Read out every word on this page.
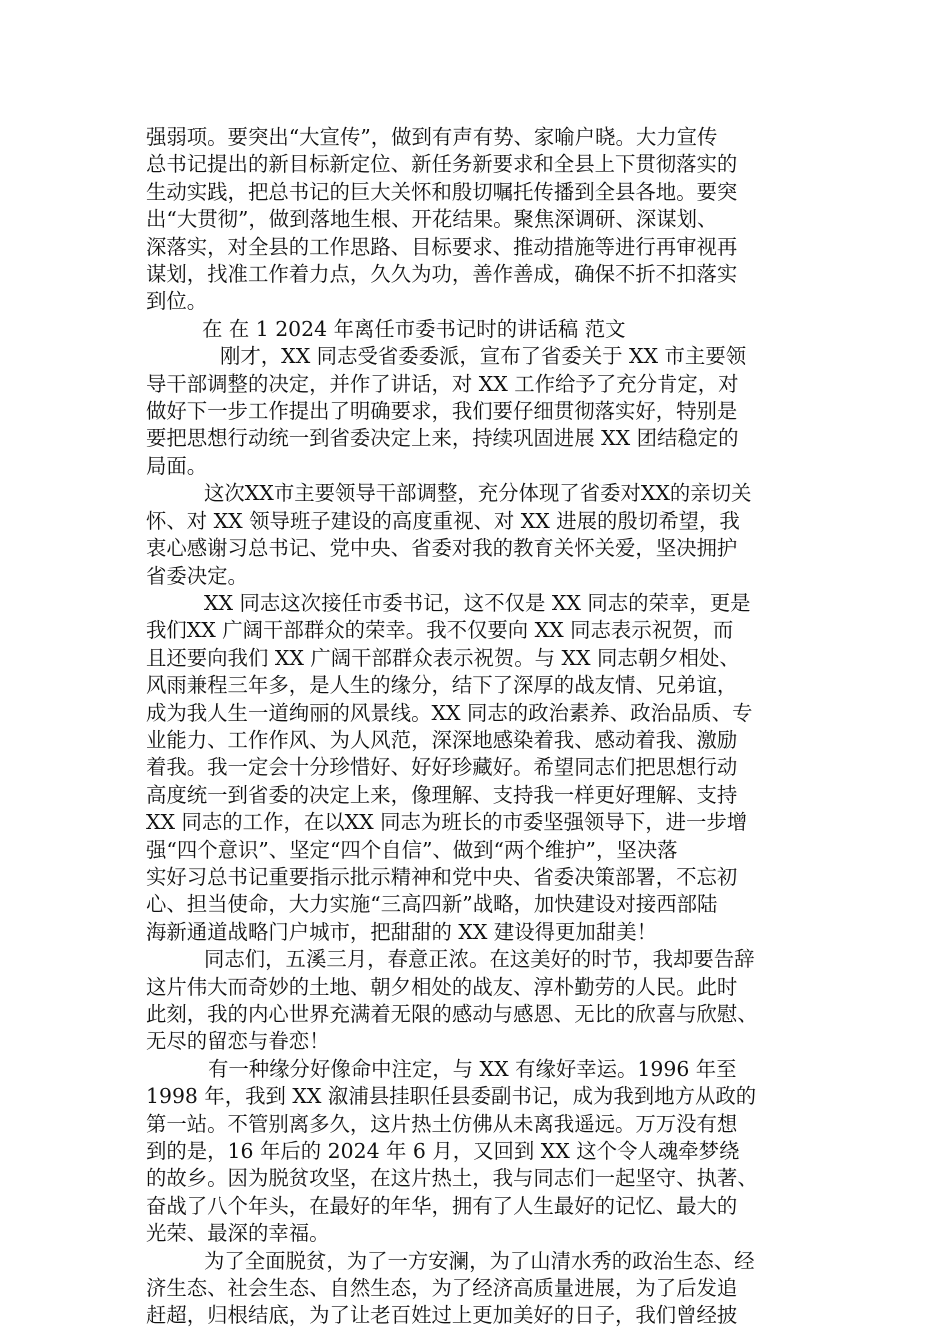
强弱项。要突出“大宣传”，做到有声有势、家喻户晓。大力宣传
总书记提出的新目标新定位、新任务新要求和全县上下贯彻落实的
生动实践，把总书记的巨大关怀和殷切嘱托传播到全县各地。要突
出“大贯彻”，做到落地生根、开花结果。聚焦深调研、深谋划、
深落实，对全县的工作思路、目标要求、推动措施等进行再审视再
谋划，找准工作着力点，久久为功，善作善成，确保不折不扣落实
到位。
在 在 1 2024 年离任市委书记时的讲话稿 范文
刚才，XX 同志受省委委派，宣布了省委关于 XX 市主要领
导干部调整的决定，并作了讲话，对 XX 工作给予了充分肯定，对
做好下一步工作提出了明确要求，我们要仔细贯彻落实好，特别是
要把思想行动统一到省委决定上来，持续巩固进展 XX 团结稳定的
局面。
这次XX市主要领导干部调整，充分体现了省委对XX的亲切关
怀、对 XX 领导班子建设的高度重视、对 XX 进展的殷切希望，我
衷心感谢习总书记、党中央、省委对我的教育关怀关爱，坚决拥护
省委决定。
XX 同志这次接任市委书记，这不仅是 XX 同志的荣幸，更是
我们XX 广阔干部群众的荣幸。我不仅要向 XX 同志表示祝贺，而
且还要向我们 XX 广阔干部群众表示祝贺。与 XX 同志朝夕相处、
风雨兼程三年多，是人生的缘分，结下了深厚的战友情、兄弟谊，
成为我人生一道绚丽的风景线。XX 同志的政治素养、政治品质、专
业能力、工作作风、为人风范，深深地感染着我、感动着我、激励
着我。我一定会十分珍惜好、好好珍藏好。希望同志们把思想行动
高度统一到省委的决定上来，像理解、支持我一样更好理解、支持
XX 同志的工作，在以XX 同志为班长的市委坚强领导下，进一步增
强“四个意识”、坚定“四个自信”、做到“两个维护”，坚决落
实好习总书记重要指示批示精神和党中央、省委决策部署，不忘初
心、担当使命，大力实施“三高四新”战略，加快建设对接西部陆
海新通道战略门户城市，把甜甜的 XX 建设得更加甜美！
同志们，五溪三月，春意正浓。在这美好的时节，我却要告辞
这片伟大而奇妙的土地、朝夕相处的战友、淳朴勤劳的人民。此时
此刻，我的内心世界充满着无限的感动与感恩、无比的欣喜与欣慰、
无尽的留恋与眷恋！
有一种缘分好像命中注定，与 XX 有缘好幸运。1996 年至
1998 年，我到 XX 溆浦县挂职任县委副书记，成为我到地方从政的
第一站。不管别离多久，这片热土仿佛从未离我遥远。万万没有想
到的是，16 年后的 2024 年 6 月，又回到 XX 这个令人魂牵梦绕
的故乡。因为脱贫攻坚，在这片热土，我与同志们一起坚守、执著、
奋战了八个年头，在最好的年华，拥有了人生最好的记忆、最大的
光荣、最深的幸福。
为了全面脱贫，为了一方安澜，为了山清水秀的政治生态、经
济生态、社会生态、自然生态，为了经济高质量进展，为了后发追
赶超，归根结底，为了让老百姓过上更加美好的日子，我们曾经披
